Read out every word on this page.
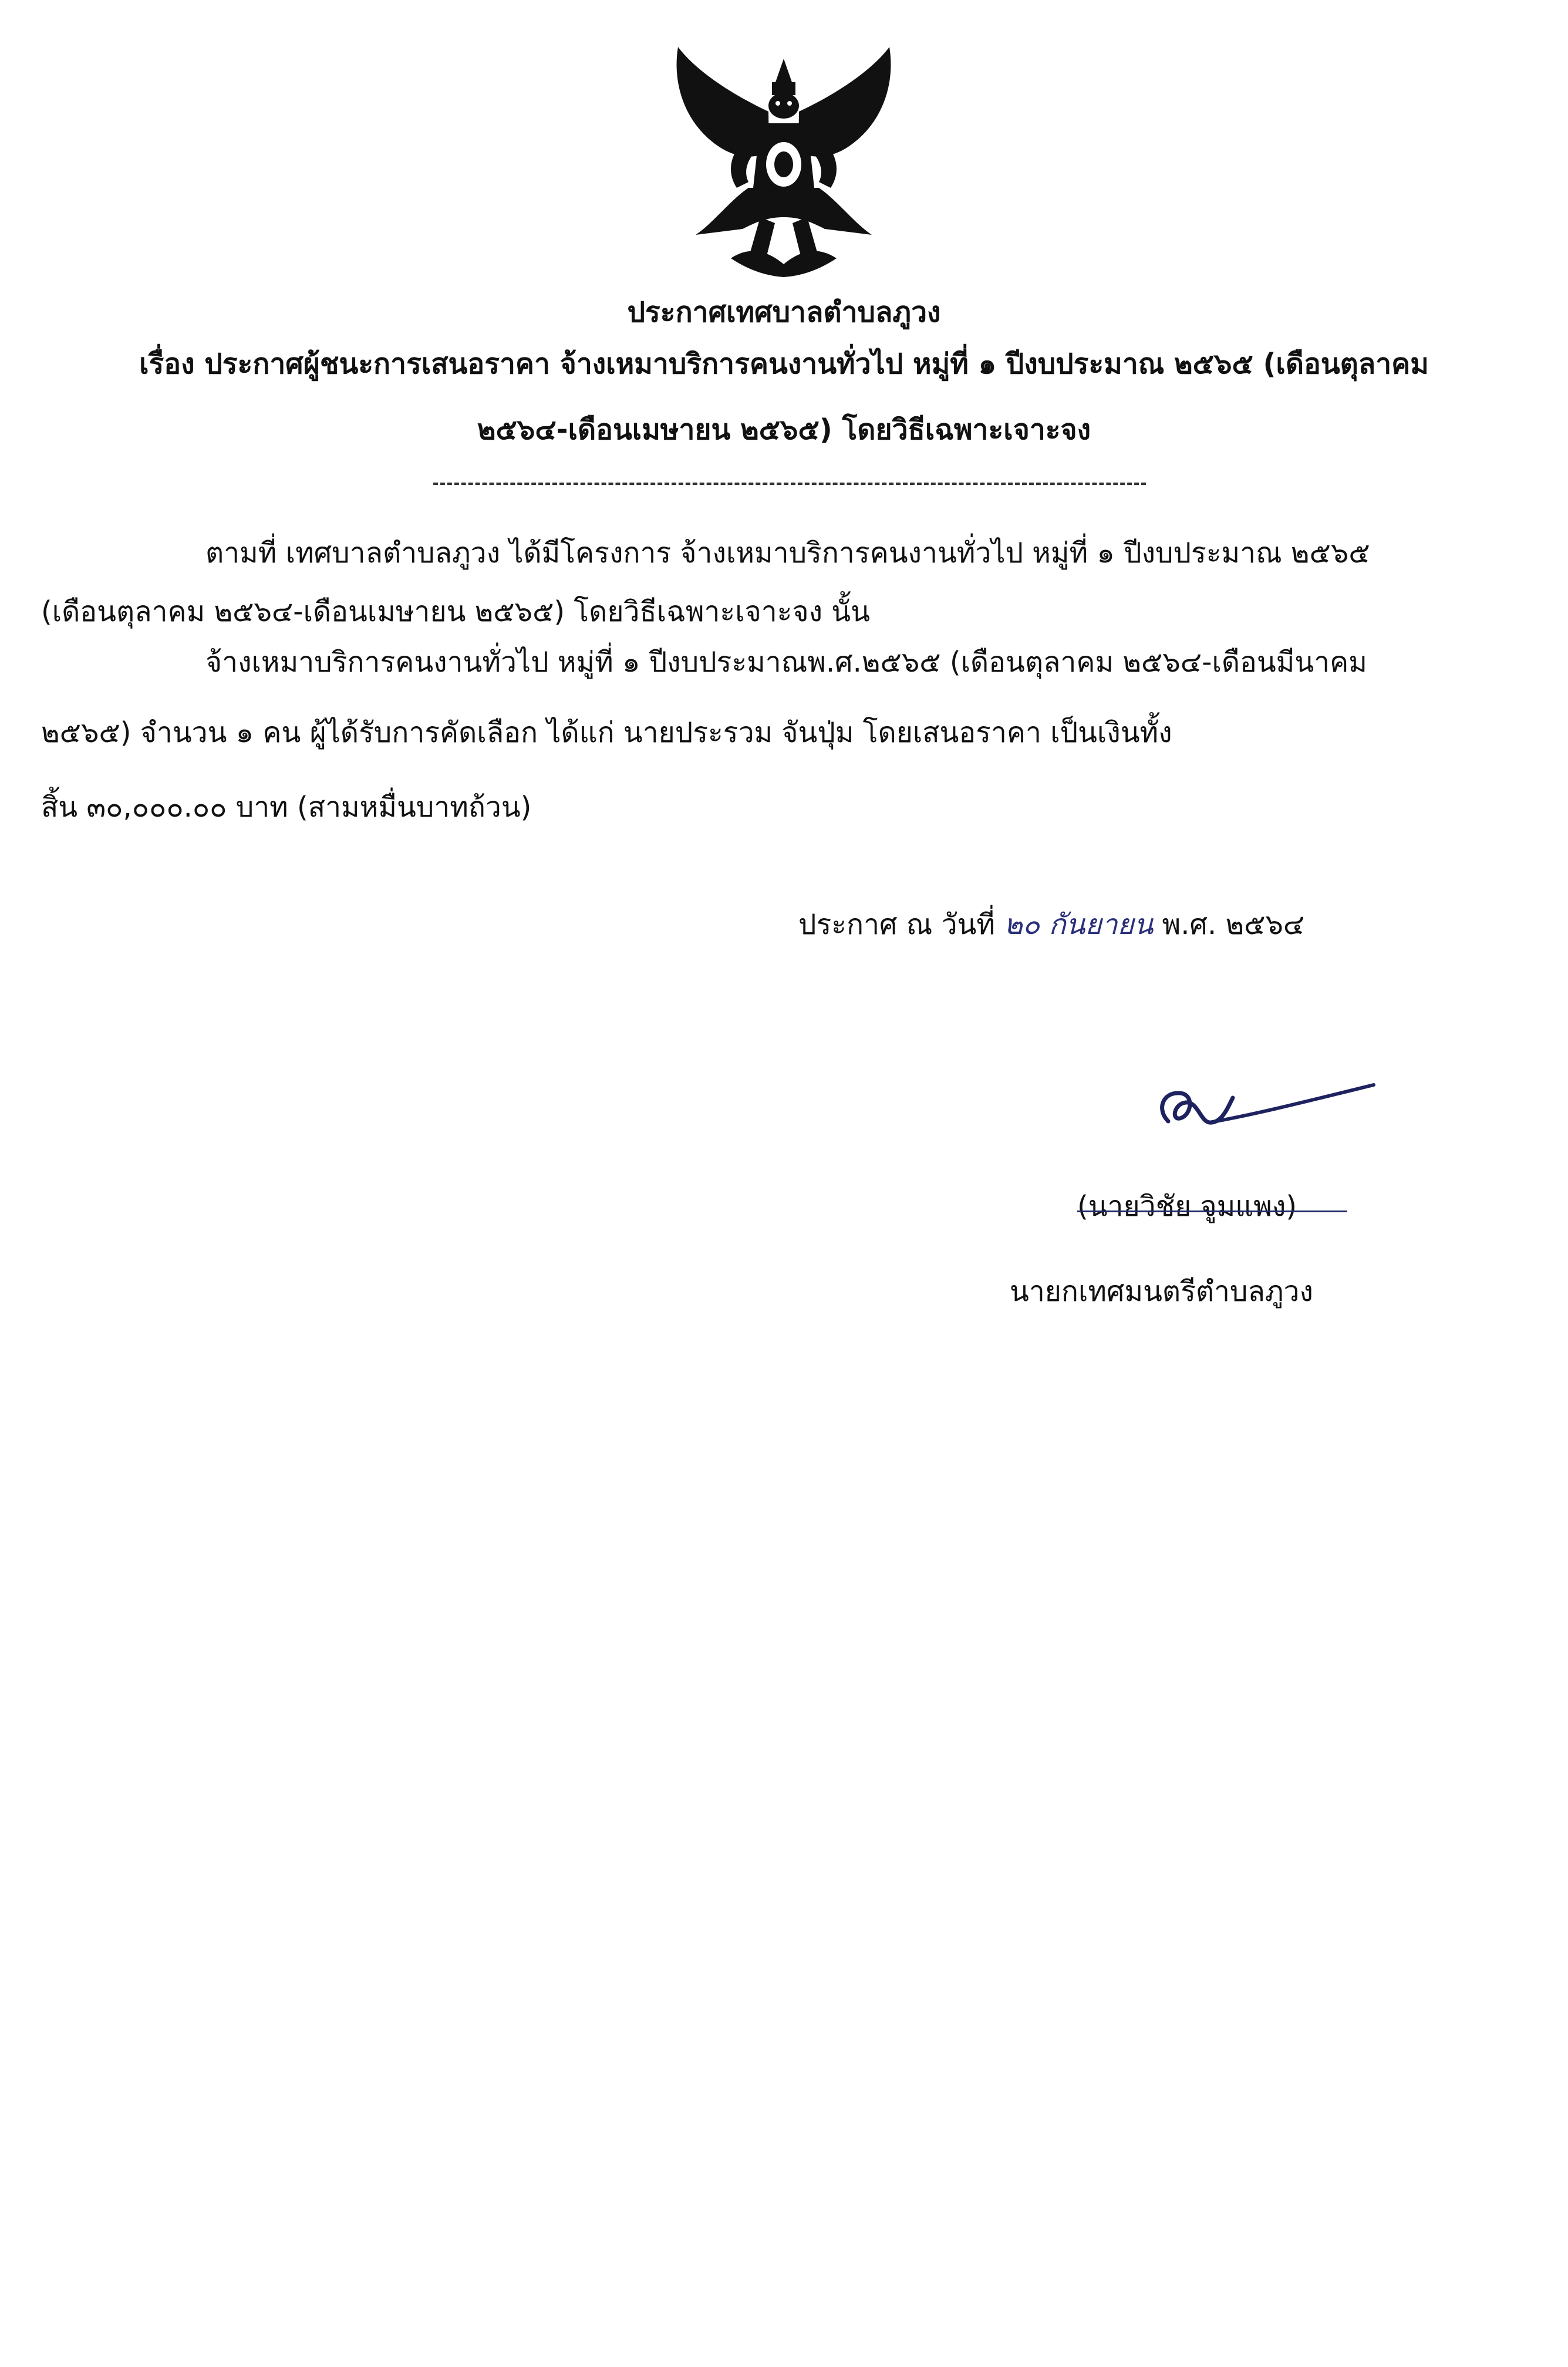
ประกาศเทศบาลตำบลภูวง
เรื่อง ประกาศผู้ชนะการเสนอราคา จ้างเหมาบริการคนงานทั่วไป หมู่ที่ ๑ ปีงบประมาณ ๒๕๖๕ (เดือนตุลาคม
๒๕๖๔-เดือนเมษายน ๒๕๖๕) โดยวิธีเฉพาะเจาะจง
ตามที่ เทศบาลตำบลภูวง ได้มีโครงการ จ้างเหมาบริการคนงานทั่วไป หมู่ที่ ๑ ปีงบประมาณ ๒๕๖๕
(เดือนตุลาคม ๒๕๖๔-เดือนเมษายน ๒๕๖๕) โดยวิธีเฉพาะเจาะจง นั้น
จ้างเหมาบริการคนงานทั่วไป หมู่ที่ ๑ ปีงบประมาณพ.ศ.๒๕๖๕ (เดือนตุลาคม ๒๕๖๔-เดือนมีนาคม
๒๕๖๕) จำนวน ๑ คน ผู้ได้รับการคัดเลือก ได้แก่ นายประรวม จันปุ่ม โดยเสนอราคา เป็นเงินทั้ง
สิ้น ๓๐,๐๐๐.๐๐ บาท (สามหมื่นบาทถ้วน)
ประกาศ ณ วันที่ ๒๐ กันยายน พ.ศ. ๒๕๖๔
(นายวิชัย จูมแพง)
นายกเทศมนตรีตำบลภูวง
